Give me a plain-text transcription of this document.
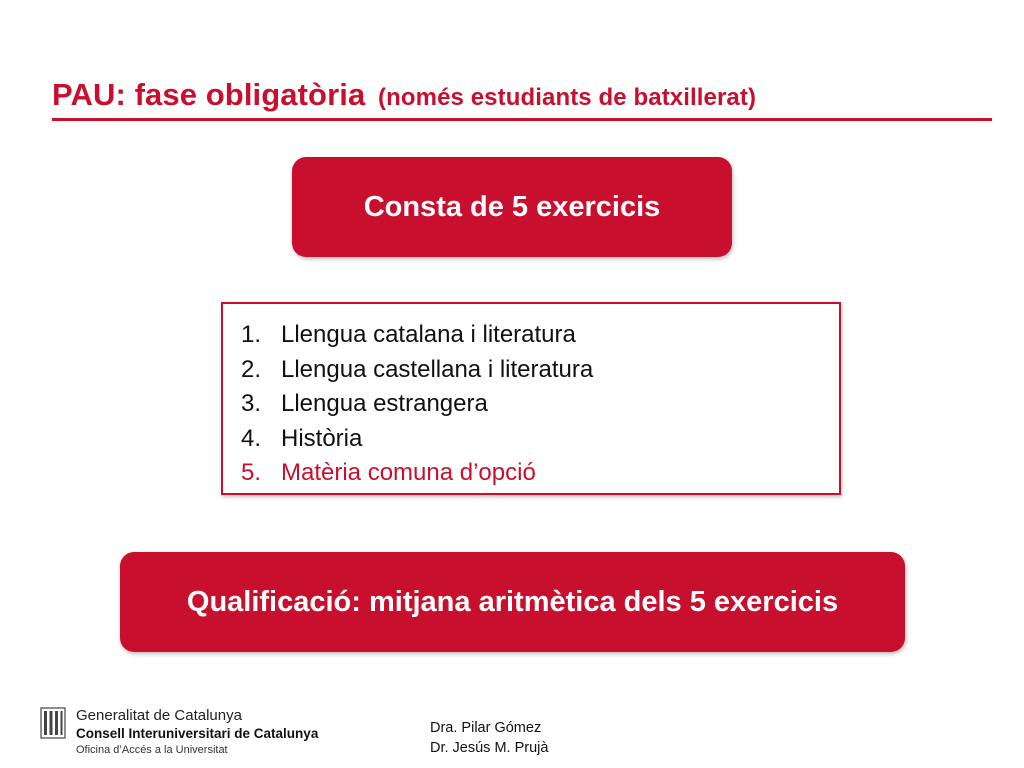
PAU: fase obligatòria (només estudiants de batxillerat)
Consta de 5 exercicis
1. Llengua catalana i literatura
2. Llengua castellana i literatura
3. Llengua estrangera
4. Història
5. Matèria comuna d’opció
Qualificació: mitjana aritmètica dels 5 exercicis
Generalitat de Catalunya
Consell Interuniversitari de Catalunya
Oficina d’Accés a la Universitat
Dra. Pilar Gómez
Dr. Jesús M. Prujà
